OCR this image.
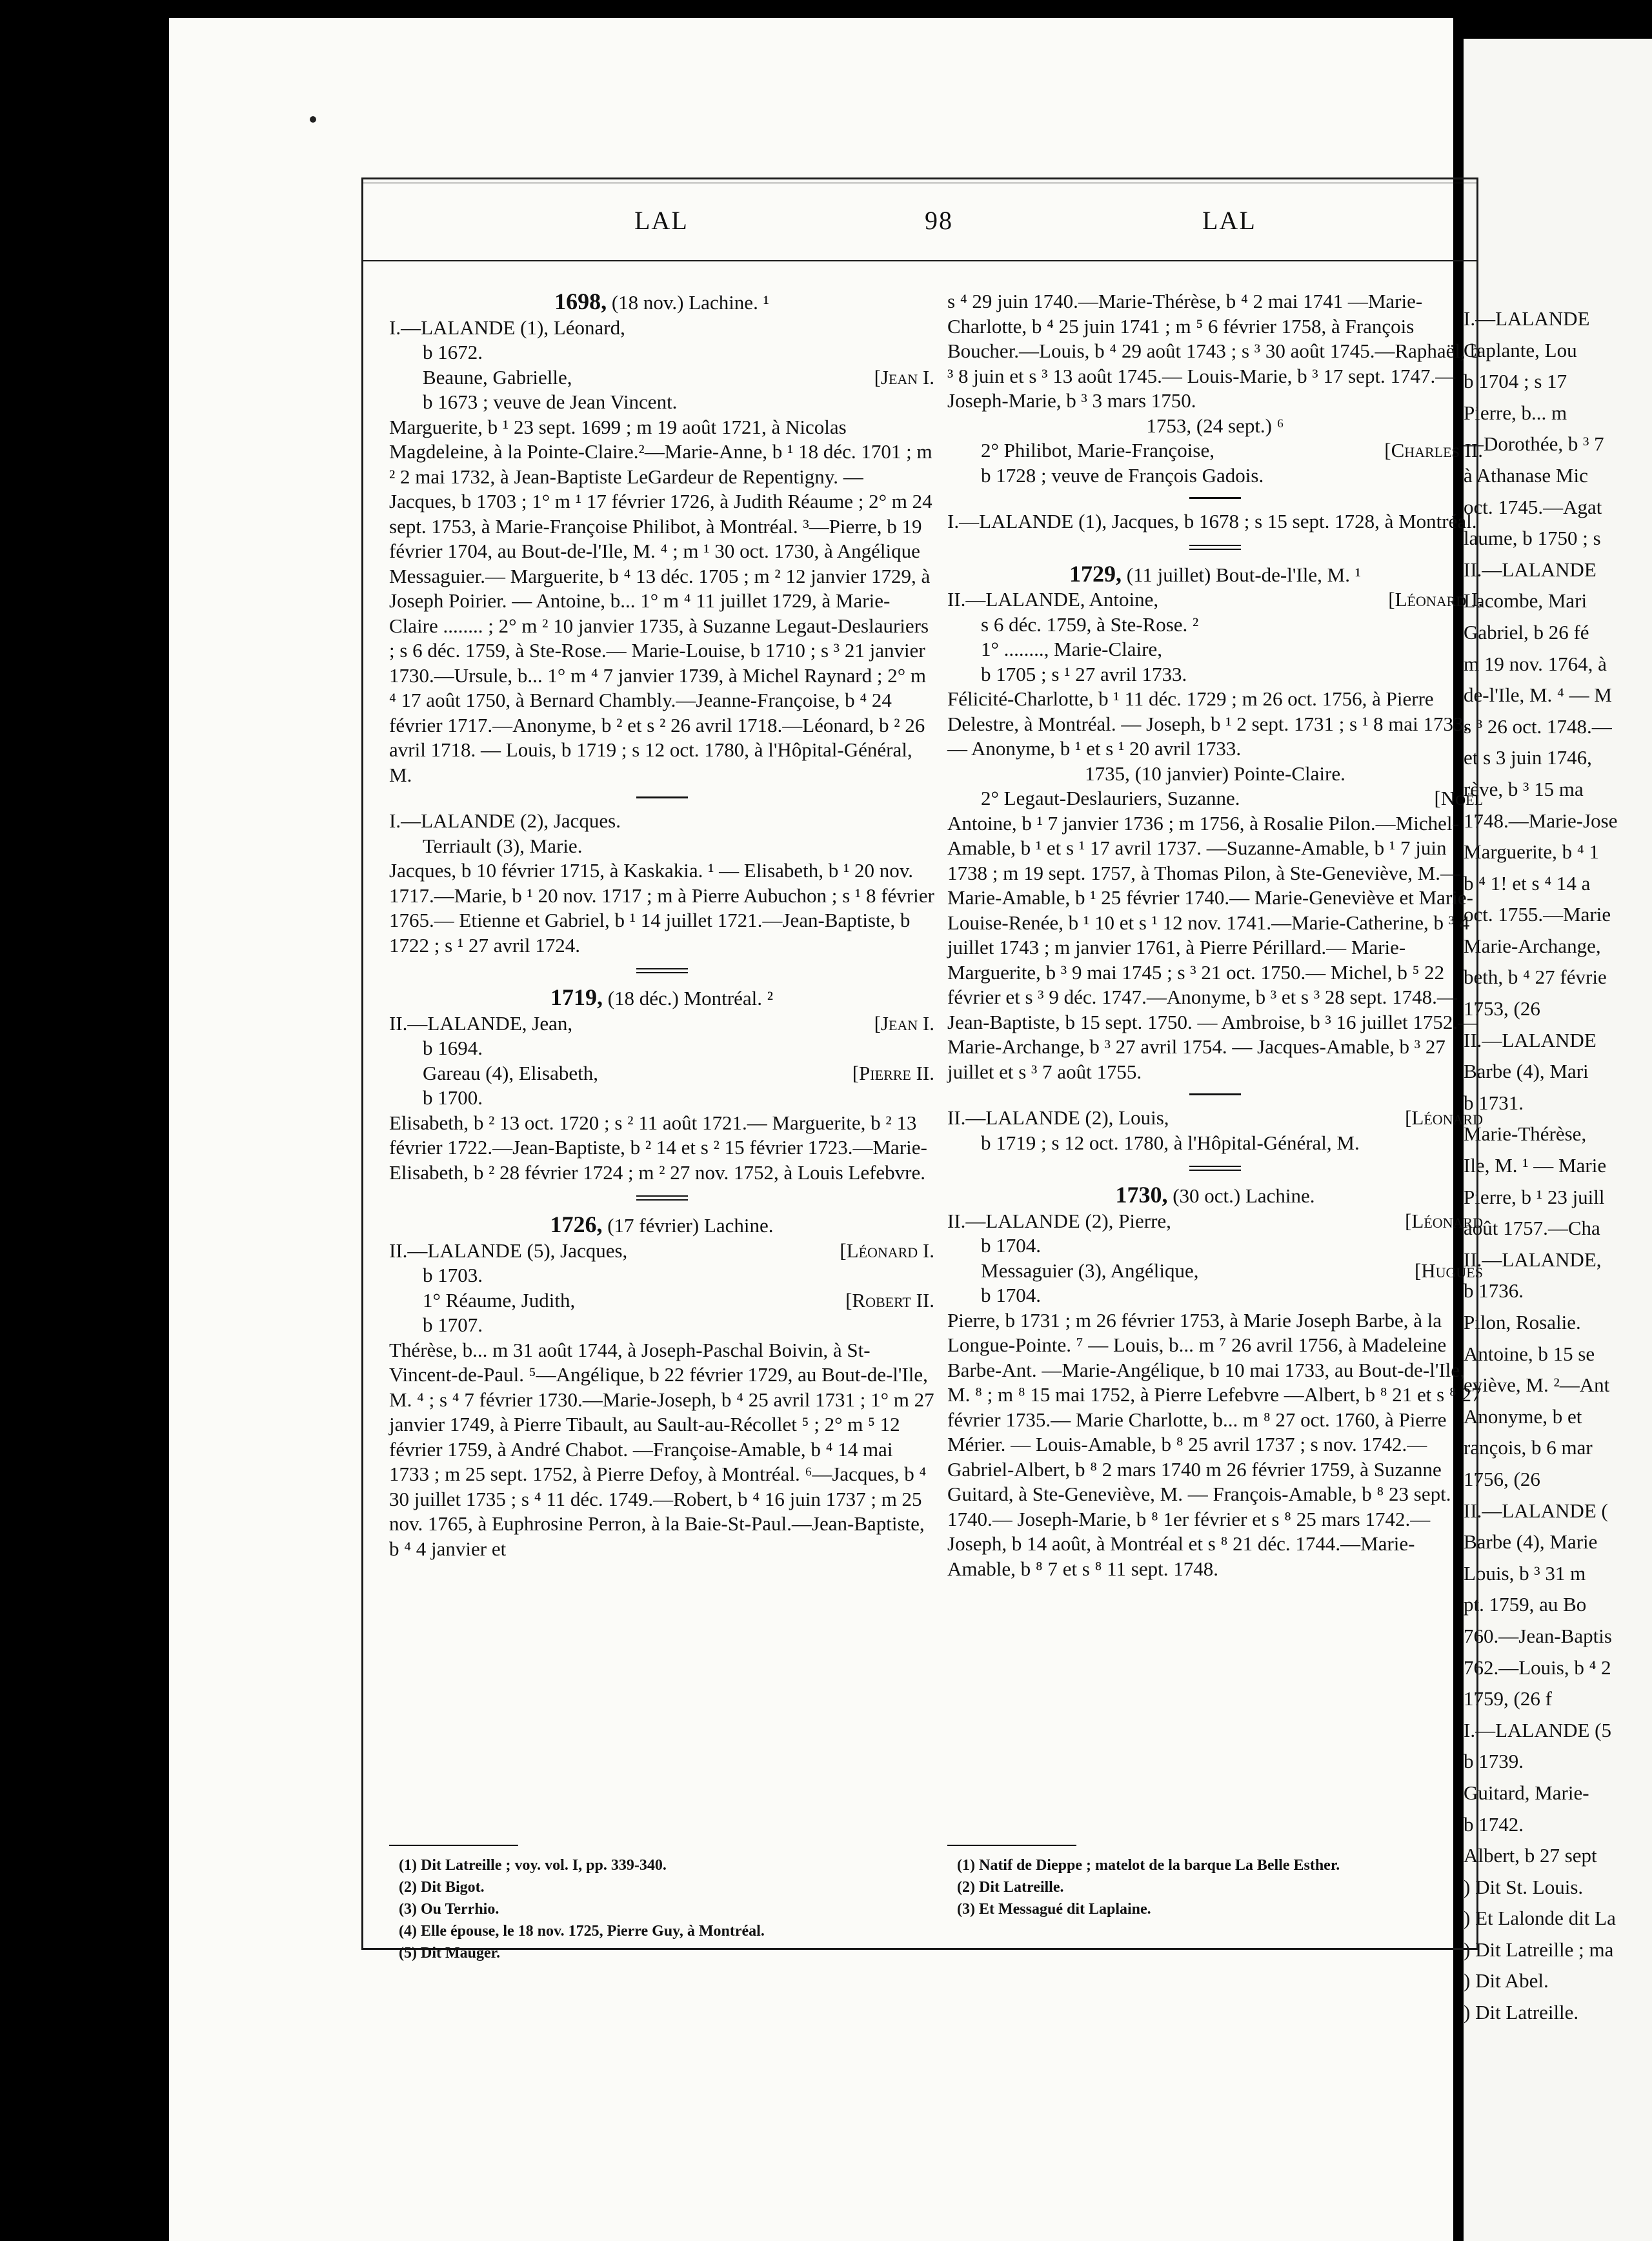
I.—LALANDE
Caplante, Lou
b 1704 ; s 17
Pierre, b... m
—Dorothée, b ³ 7
à Athanase Mic
oct. 1745.—Agat
laume, b 1750 ; s
II.—LALANDE
Lacombe, Mari
Gabriel, b 26 fé
m 19 nov. 1764, à
de-l'Ile, M. ⁴ — M
s ³ 26 oct. 1748.—
et s 3 juin 1746,
rève, b ³ 15 ma
1748.—Marie-Jose
Marguerite, b ⁴ 1
b ⁴ 1! et s ⁴ 14 a
oct. 1755.—Marie
Marie-Archange,
beth, b ⁴ 27 févrie
1753, (26
II.—LALANDE
Barbe (4), Mari
b 1731.
Marie-Thérèse,
Ile, M. ¹ — Marie
Pierre, b ¹ 23 juill
août 1757.—Cha
II.—LALANDE,
b 1736.
Pilon, Rosalie.
Antoine, b 15 se
eviève, M. ²—Ant
Anonyme, b et
rançois, b 6 mar
1756, (26
II.—LALANDE (
Barbe (4), Marie
Louis, b ³ 31 m
pt. 1759, au Bo
760.—Jean-Baptis
762.—Louis, b ⁴ 2
1759, (26 f
I.—LALANDE (5
b 1739.
Guitard, Marie-
b 1742.
Albert, b 27 sept
) Dit St. Louis.
) Et Lalonde dit La
) Dit Latreille ; ma
) Dit Abel.
) Dit Latreille.
LAL	98	LAL

1698, (18 nov.) Lachine. ¹

I.—LALANDE (1), Léonard,

b 1672.

Beaune, Gabrielle,	[Jean I.

b 1673 ; veuve de Jean Vincent.

Marguerite, b ¹ 23 sept. 1699 ; m 19 août 1721, à Nicolas Magdeleine, à la Pointe-Claire.²—Marie-Anne, b ¹ 18 déc. 1701 ; m ² 2 mai 1732, à Jean-Baptiste LeGardeur de Repentigny. — Jacques, b 1703 ; 1° m ¹ 17 février 1726, à Judith Réaume ; 2° m 24 sept. 1753, à Marie-Françoise Philibot, à Montréal. ³—Pierre, b 19 février 1704, au Bout-de-l'Ile, M. ⁴ ; m ¹ 30 oct. 1730, à Angélique Messaguier.— Marguerite, b ⁴ 13 déc. 1705 ; m ² 12 janvier 1729, à Joseph Poirier. — Antoine, b... 1° m ⁴ 11 juillet 1729, à Marie-Claire ........ ; 2° m ² 10 janvier 1735, à Suzanne Legaut-Deslauriers ; s 6 déc. 1759, à Ste-Rose.— Marie-Louise, b 1710 ; s ³ 21 janvier 1730.—Ursule, b... 1° m ⁴ 7 janvier 1739, à Michel Raynard ; 2° m ⁴ 17 août 1750, à Bernard Chambly.—Jeanne-Françoise, b ⁴ 24 février 1717.—Anonyme, b ² et s ² 26 avril 1718.—Léonard, b ² 26 avril 1718. — Louis, b 1719 ; s 12 oct. 1780, à l'Hôpital-Général, M.

I.—LALANDE (2), Jacques.

Terriault (3), Marie.

Jacques, b 10 février 1715, à Kaskakia. ¹ — Elisabeth, b ¹ 20 nov. 1717.—Marie, b ¹ 20 nov. 1717 ; m à Pierre Aubuchon ; s ¹ 8 février 1765.— Etienne et Gabriel, b ¹ 14 juillet 1721.—Jean-Baptiste, b 1722 ; s ¹ 27 avril 1724.

1719, (18 déc.) Montréal. ²

II.—LALANDE, Jean,	[Jean I.

b 1694.

Gareau (4), Elisabeth,	[Pierre II.

b 1700.

Elisabeth, b ² 13 oct. 1720 ; s ² 11 août 1721.— Marguerite, b ² 13 février 1722.—Jean-Baptiste, b ² 14 et s ² 15 février 1723.—Marie-Elisabeth, b ² 28 février 1724 ; m ² 27 nov. 1752, à Louis Lefebvre.

1726, (17 février) Lachine.

II.—LALANDE (5), Jacques,	[Léonard I.

b 1703.

1° Réaume, Judith,	[Robert II.

b 1707.

Thérèse, b... m 31 août 1744, à Joseph-Paschal Boivin, à St-Vincent-de-Paul. ⁵—Angélique, b 22 février 1729, au Bout-de-l'Ile, M. ⁴ ; s ⁴ 7 février 1730.—Marie-Joseph, b ⁴ 25 avril 1731 ; 1° m 27 janvier 1749, à Pierre Tibault, au Sault-au-Récollet ⁵ ; 2° m ⁵ 12 février 1759, à André Chabot. —Françoise-Amable, b ⁴ 14 mai 1733 ; m 25 sept. 1752, à Pierre Defoy, à Montréal. ⁶—Jacques, b ⁴ 30 juillet 1735 ; s ⁴ 11 déc. 1749.—Robert, b ⁴ 16 juin 1737 ; m 25 nov. 1765, à Euphrosine Perron, à la Baie-St-Paul.—Jean-Baptiste, b ⁴ 4 janvier et

s ⁴ 29 juin 1740.—Marie-Thérèse, b ⁴ 2 mai 1741 —Marie-Charlotte, b ⁴ 25 juin 1741 ; m ⁵ 6 février 1758, à François Boucher.—Louis, b ⁴ 29 août 1743 ; s ³ 30 août 1745.—Raphaël, b ³ 8 juin et s ³ 13 août 1745.— Louis-Marie, b ³ 17 sept. 1747.— Joseph-Marie, b ³ 3 mars 1750.

1753, (24 sept.) ⁶

2° Philibot, Marie-Françoise,	[Charles II.

b 1728 ; veuve de François Gadois.

I.—LALANDE (1), Jacques, b 1678 ; s 15 sept. 1728, à Montréal.

1729, (11 juillet) Bout-de-l'Ile, M. ¹

II.—LALANDE, Antoine,	[Léonard I.

s 6 déc. 1759, à Ste-Rose. ²

1° ........, Marie-Claire,

b 1705 ; s ¹ 27 avril 1733.

Félicité-Charlotte, b ¹ 11 déc. 1729 ; m 26 oct. 1756, à Pierre Delestre, à Montréal. — Joseph, b ¹ 2 sept. 1731 ; s ¹ 8 mai 1733. — Anonyme, b ¹ et s ¹ 20 avril 1733.

1735, (10 janvier) Pointe-Claire.

2° Legaut-Deslauriers, Suzanne.	[Noël

Antoine, b ¹ 7 janvier 1736 ; m 1756, à Rosalie Pilon.—Michel-Amable, b ¹ et s ¹ 17 avril 1737. —Suzanne-Amable, b ¹ 7 juin 1738 ; m 19 sept. 1757, à Thomas Pilon, à Ste-Geneviève, M.— Marie-Amable, b ¹ 25 février 1740.— Marie-Geneviève et Marie-Louise-Renée, b ¹ 10 et s ¹ 12 nov. 1741.—Marie-Catherine, b ³ 4 juillet 1743 ; m janvier 1761, à Pierre Périllard.— Marie-Marguerite, b ³ 9 mai 1745 ; s ³ 21 oct. 1750.— Michel, b ⁵ 22 février et s ³ 9 déc. 1747.—Anonyme, b ³ et s ³ 28 sept. 1748.—Jean-Baptiste, b 15 sept. 1750. — Ambroise, b ³ 16 juillet 1752.— Marie-Archange, b ³ 27 avril 1754. — Jacques-Amable, b ³ 27 juillet et s ³ 7 août 1755.

II.—LALANDE (2), Louis,	[Léonard

b 1719 ; s 12 oct. 1780, à l'Hôpital-Général, M.

1730, (30 oct.) Lachine.

II.—LALANDE (2), Pierre,	[Léonard

b 1704.

Messaguier (3), Angélique,	[Hugues

b 1704.

Pierre, b 1731 ; m 26 février 1753, à Marie Joseph Barbe, à la Longue-Pointe. ⁷ — Louis, b... m ⁷ 26 avril 1756, à Madeleine Barbe-Ant. —Marie-Angélique, b 10 mai 1733, au Bout-de-l'Ile, M. ⁸ ; m ⁸ 15 mai 1752, à Pierre Lefebvre —Albert, b ⁸ 21 et s ⁸ 27 février 1735.— Marie Charlotte, b... m ⁸ 27 oct. 1760, à Pierre Mérier. — Louis-Amable, b ⁸ 25 avril 1737 ; s nov. 1742.— Gabriel-Albert, b ⁸ 2 mars 1740 m 26 février 1759, à Suzanne Guitard, à Ste-Geneviève, M. — François-Amable, b ⁸ 23 sept. 1740.— Joseph-Marie, b ⁸ 1er février et s ⁸ 25 mars 1742.—Joseph, b 14 août, à Montréal et s ⁸ 21 déc. 1744.—Marie-Amable, b ⁸ 7 et s ⁸ 11 sept. 1748.

(1) Dit Latreille ; voy. vol. I, pp. 339-340.

(2) Dit Bigot.

(3) Ou Terrhio.

(4) Elle épouse, le 18 nov. 1725, Pierre Guy, à Montréal.

(5) Dit Mauger.

(1) Natif de Dieppe ; matelot de la barque La Belle Esther.

(2) Dit Latreille.

(3) Et Messagué dit Laplaine.
